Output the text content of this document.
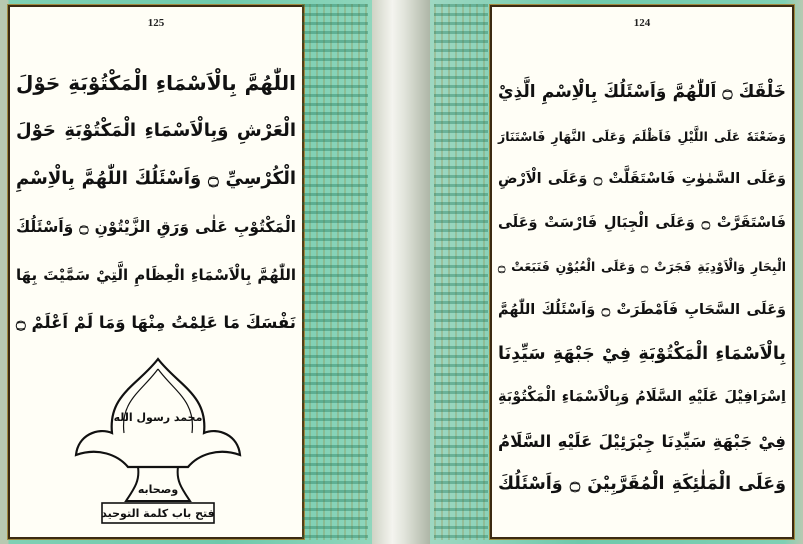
125
اللّٰهُمَّ بِالْاَسْمَاءِ الْمَكْتُوْبَةِ حَوْلَ
الْعَرْشِ وَبِالْاَسْمَاءِ الْمَكْتُوْبَةِ حَوْلَ
الْكُرْسِيِّ ۝ وَاَسْئَلُكَ اللّٰهُمَّ بِالْاِسْمِ
الْمَكْتُوْبِ عَلٰى وَرَقِ الزَّيْتُوْنِ ۝ وَاَسْئَلُكَ
اللّٰهُمَّ بِالْاَسْمَاءِ الْعِظَامِ الَّتِيْ سَمَّيْتَ بِهَا
نَفْسَكَ مَا عَلِمْتُ مِنْهَا وَمَا لَمْ اَعْلَمْ ۝
محمد رسول الله
وصحابه
فتح باب كلمة التوحيد
124
خَلْقَكَ ۝ اَللّٰهُمَّ وَاَسْئَلُكَ بِالْاِسْمِ الَّذِيْ
وَضَعْتَهٗ عَلَى اللَّيْلِ فَاَظْلَمَ وَعَلَى النَّهَارِ فَاسْتَنَارَ
وَعَلَى السَّمٰوٰتِ فَاسْتَقَلَّتْ ۝ وَعَلَى الْاَرْضِ
فَاسْتَقَرَّتْ ۝ وَعَلَى الْجِبَالِ فَارْسَتْ وَعَلَى
الْبِحَارِ وَالْاَوْدِيَةِ فَجَرَتْ ۝ وَعَلَى الْعُيُوْنِ فَنَبَعَتْ ۝
وَعَلَى السَّحَابِ فَاَمْطَرَتْ ۝ وَاَسْئَلُكَ اللّٰهُمَّ
بِالْاَسْمَاءِ الْمَكْتُوْبَةِ فِيْ جَبْهَةِ سَيِّدِنَا
اِسْرَافِيْلَ عَلَيْهِ السَّلَامُ وَبِالْاَسْمَاءِ الْمَكْتُوْبَةِ
فِيْ جَبْهَةِ سَيِّدِنَا جِبْرَئِيْلَ عَلَيْهِ السَّلَامُ
وَعَلَى الْمَلٰئِكَةِ الْمُقَرَّبِيْنَ ۝ وَاَسْئَلُكَ
